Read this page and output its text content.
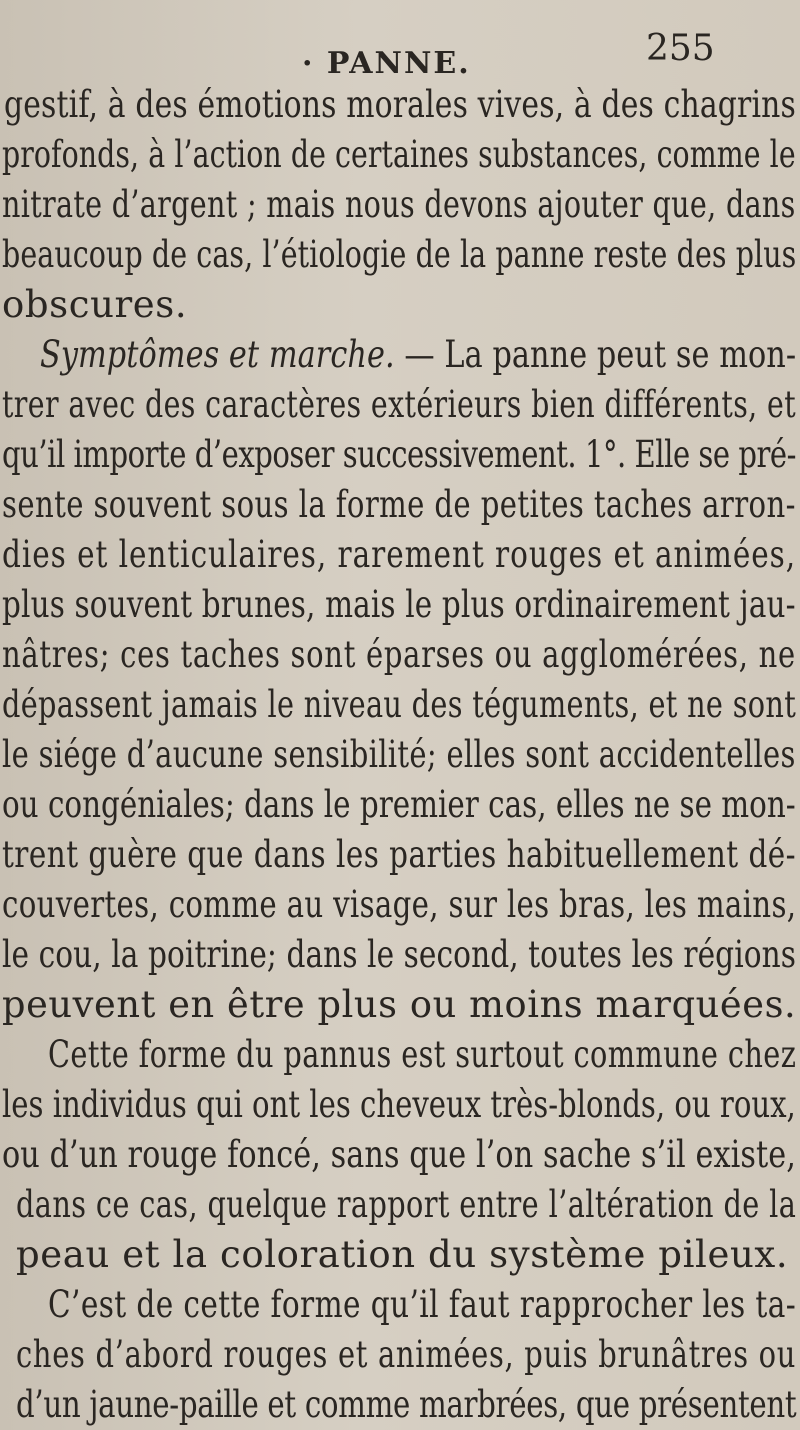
· PANNE.	255
gestif, à des émotions morales vives, à des chagrins
profonds, à l’action de certaines substances, comme le
nitrate d’argent ; mais nous devons ajouter que, dans
beaucoup de cas, l’étiologie de la panne reste des plus
obscures.
Symptômes et marche. — La panne peut se mon-
trer avec des caractères extérieurs bien différents, et
qu’il importe d’exposer successivement. 1°. Elle se pré-
sente souvent sous la forme de petites taches arron-
dies et lenticulaires, rarement rouges et animées,
plus souvent brunes, mais le plus ordinairement jau-
nâtres; ces taches sont éparses ou agglomérées, ne
dépassent jamais le niveau des téguments, et ne sont
le siége d’aucune sensibilité; elles sont accidentelles
ou congéniales; dans le premier cas, elles ne se mon-
trent guère que dans les parties habituellement dé-
couvertes, comme au visage, sur les bras, les mains,
le cou, la poitrine; dans le second, toutes les régions
peuvent en être plus ou moins marquées.
Cette forme du pannus est surtout commune chez
les individus qui ont les cheveux très-blonds, ou roux,
ou d’un rouge foncé, sans que l’on sache s’il existe,
dans ce cas, quelque rapport entre l’altération de la
peau et la coloration du système pileux.
C’est de cette forme qu’il faut rapprocher les ta-
ches d’abord rouges et animées, puis brunâtres ou
d’un jaune-paille et comme marbrées, que présentent
